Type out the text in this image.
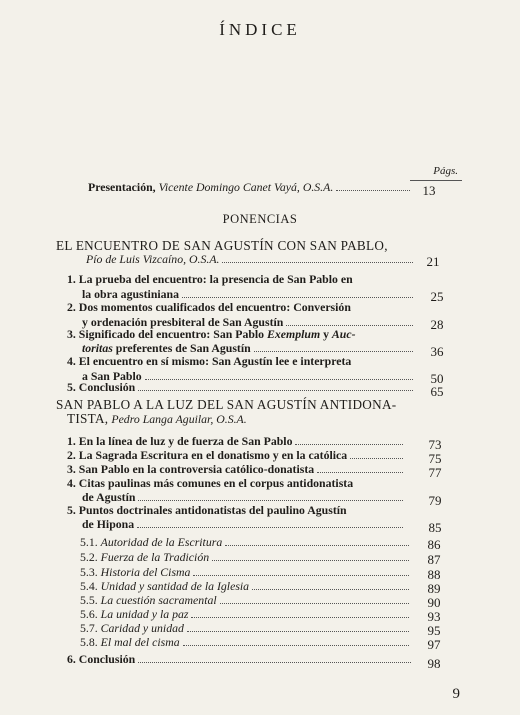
ÍNDICE
Págs.
Presentación, Vicente Domingo Canet Vayá, O.S.A.	13
PONENCIAS
EL ENCUENTRO DE SAN AGUSTÍN CON SAN PABLO,
Pío de Luis Vizcaíno, O.S.A.	21
1. La prueba del encuentro: la presencia de San Pablo en
la obra agustiniana	25
2. Dos momentos cualificados del encuentro: Conversión
y ordenación presbiteral de San Agustín	28
3. Significado del encuentro: San Pablo Exemplum y Auc-
toritas preferentes de San Agustín	36
4. El encuentro en sí mismo: San Agustín lee e interpreta
a San Pablo	50
5. Conclusión	65
SAN PABLO A LA LUZ DEL SAN AGUSTÍN ANTIDONA-
TISTA, Pedro Langa Aguilar, O.S.A.
1. En la línea de luz y de fuerza de San Pablo	73
2. La Sagrada Escritura en el donatismo y en la católica	75
3. San Pablo en la controversia católico-donatista	77
4. Citas paulinas más comunes en el corpus antidonatista
de Agustín	79
5. Puntos doctrinales antidonatistas del paulino Agustín
de Hipona	85
5.1. Autoridad de la Escritura	86
5.2. Fuerza de la Tradición	87
5.3. Historia del Cisma	88
5.4. Unidad y santidad de la Iglesia	89
5.5. La cuestión sacramental	90
5.6. La unidad y la paz	93
5.7. Caridad y unidad	95
5.8. El mal del cisma	97
6. Conclusión	98
9
